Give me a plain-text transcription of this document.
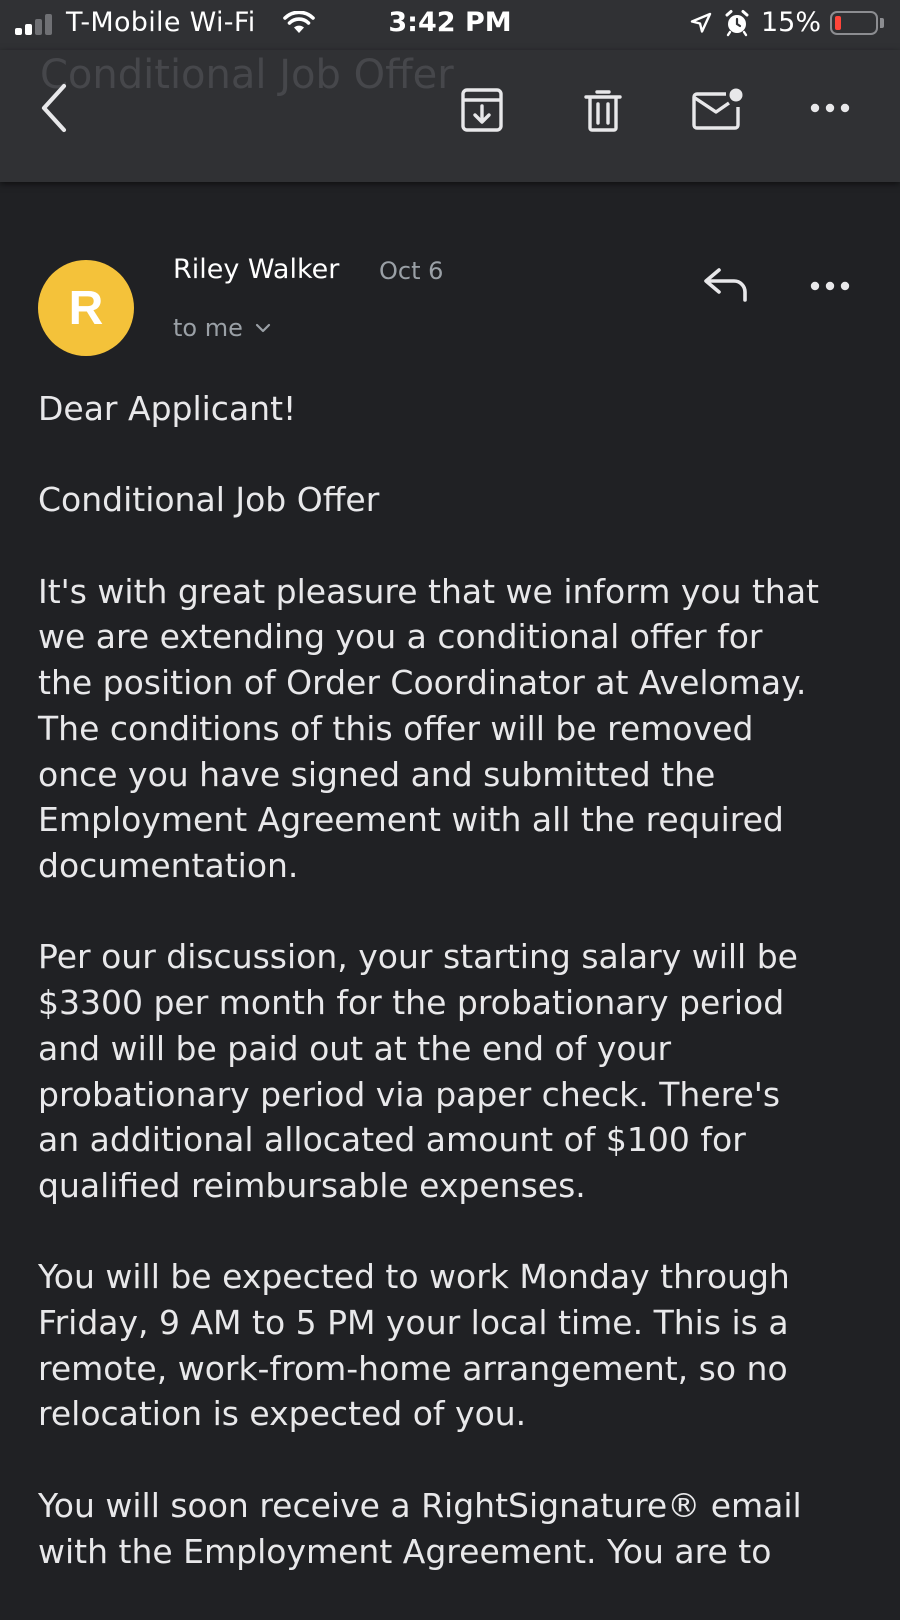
T-Mobile Wi-Fi	3:42 PM	15%
Conditional Job Offer
R
Riley Walker Oct 6
to me

Dear Applicant!

Conditional Job Offer

It's with great pleasure that we inform you that
we are extending you a conditional offer for
the position of Order Coordinator at Avelomay.
The conditions of this offer will be removed
once you have signed and submitted the
Employment Agreement with all the required
documentation.

Per our discussion, your starting salary will be
$3300 per month for the probationary period
and will be paid out at the end of your
probationary period via paper check. There's
an additional allocated amount of $100 for
qualified reimbursable expenses.

You will be expected to work Monday through
Friday, 9 AM to 5 PM your local time. This is a
remote, work-from-home arrangement, so no
relocation is expected of you.

You will soon receive a RightSignature® email
with the Employment Agreement. You are to
